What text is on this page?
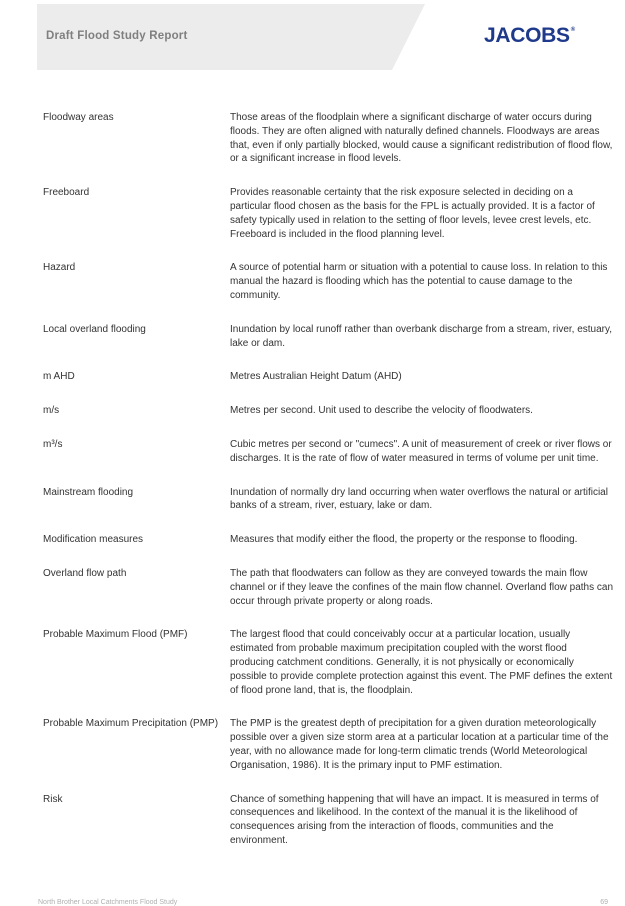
Draft Flood Study Report	JACOBS®
Floodway areas	Those areas of the floodplain where a significant discharge of water occurs during floods. They are often aligned with naturally defined channels. Floodways are areas that, even if only partially blocked, would cause a significant redistribution of flood flow, or a significant increase in flood levels.
Freeboard	Provides reasonable certainty that the risk exposure selected in deciding on a particular flood chosen as the basis for the FPL is actually provided. It is a factor of safety typically used in relation to the setting of floor levels, levee crest levels, etc. Freeboard is included in the flood planning level.
Hazard	A source of potential harm or situation with a potential to cause loss. In relation to this manual the hazard is flooding which has the potential to cause damage to the community.
Local overland flooding	Inundation by local runoff rather than overbank discharge from a stream, river, estuary, lake or dam.
m AHD	Metres Australian Height Datum (AHD)
m/s	Metres per second. Unit used to describe the velocity of floodwaters.
m³/s	Cubic metres per second or "cumecs". A unit of measurement of creek or river flows or discharges. It is the rate of flow of water measured in terms of volume per unit time.
Mainstream flooding	Inundation of normally dry land occurring when water overflows the natural or artificial banks of a stream, river, estuary, lake or dam.
Modification measures	Measures that modify either the flood, the property or the response to flooding.
Overland flow path	The path that floodwaters can follow as they are conveyed towards the main flow channel or if they leave the confines of the main flow channel. Overland flow paths can occur through private property or along roads.
Probable Maximum Flood (PMF)	The largest flood that could conceivably occur at a particular location, usually estimated from probable maximum precipitation coupled with the worst flood producing catchment conditions. Generally, it is not physically or economically possible to provide complete protection against this event. The PMF defines the extent of flood prone land, that is, the floodplain.
Probable Maximum Precipitation (PMP)	The PMP is the greatest depth of precipitation for a given duration meteorologically possible over a given size storm area at a particular location at a particular time of the year, with no allowance made for long-term climatic trends (World Meteorological Organisation, 1986). It is the primary input to PMF estimation.
Risk	Chance of something happening that will have an impact. It is measured in terms of consequences and likelihood. In the context of the manual it is the likelihood of consequences arising from the interaction of floods, communities and the environment.
North Brother Local Catchments Flood Study	69
